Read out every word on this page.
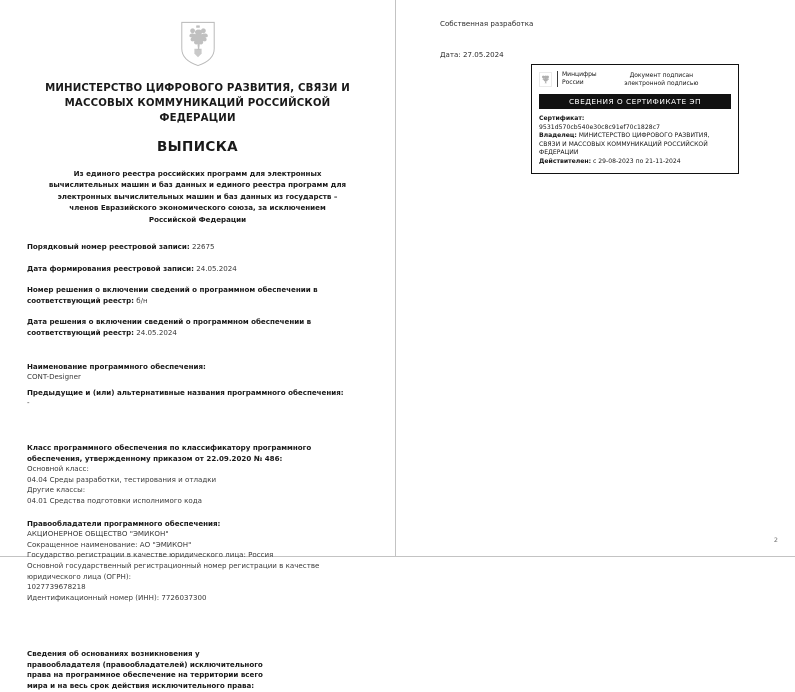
МИНИСТЕРСТВО ЦИФРОВОГО РАЗВИТИЯ, СВЯЗИ И МАССОВЫХ КОММУНИКАЦИЙ РОССИЙСКОЙ ФЕДЕРАЦИИ
ВЫПИСКА
Из единого реестра российских программ для электронных вычислительных машин и баз данных и единого реестра программ для электронных вычислительных машин и баз данных из государств – членов Евразийского экономического союза, за исключением Российской Федерации
Порядковый номер реестровой записи: 22675
Дата формирования реестровой записи: 24.05.2024
Номер решения о включении сведений о программном обеспечении в соответствующий реестр: б/н
Дата решения о включении сведений о программном обеспечении в соответствующий реестр: 24.05.2024
Наименование программного обеспечения:
CONT-Designer
Предыдущие и (или) альтернативные названия программного обеспечения:
-
Класс программного обеспечения по классификатору программного обеспечения, утвержденному приказом от 22.09.2020 № 486:
Основной класс:
04.04 Среды разработки, тестирования и отладки
Другие классы:
04.01 Средства подготовки исполнимого кода
Правообладатели программного обеспечения:
АКЦИОНЕРНОЕ ОБЩЕСТВО "ЭМИКОН"
Сокращенное наименование: АО "ЭМИКОН"
Государство регистрации в качестве юридического лица: Россия
Основной государственный регистрационный номер регистрации в качестве юридического лица (ОГРН):
1027739678218
Идентификационный номер (ИНН): 7726037300
Сведения об основаниях возникновения у правообладателя (правообладателей) исключительного права на программное обеспечение на территории всего мира и на весь срок действия исключительного права:
Собственная разработка
Дата: 27.05.2024
Минцифры
России
Документ подписан
электронной подписью
СВЕДЕНИЯ О СЕРТИФИКАТЕ ЭП
Сертификат:
9531d570cb540e30c8c91ef70c1828c7
Владелец: МИНИСТЕРСТВО ЦИФРОВОГО РАЗВИТИЯ, СВЯЗИ И МАССОВЫХ КОММУНИКАЦИЙ РОССИЙСКОЙ ФЕДЕРАЦИИ
Действителен: с 29-08-2023 по 21-11-2024
2
